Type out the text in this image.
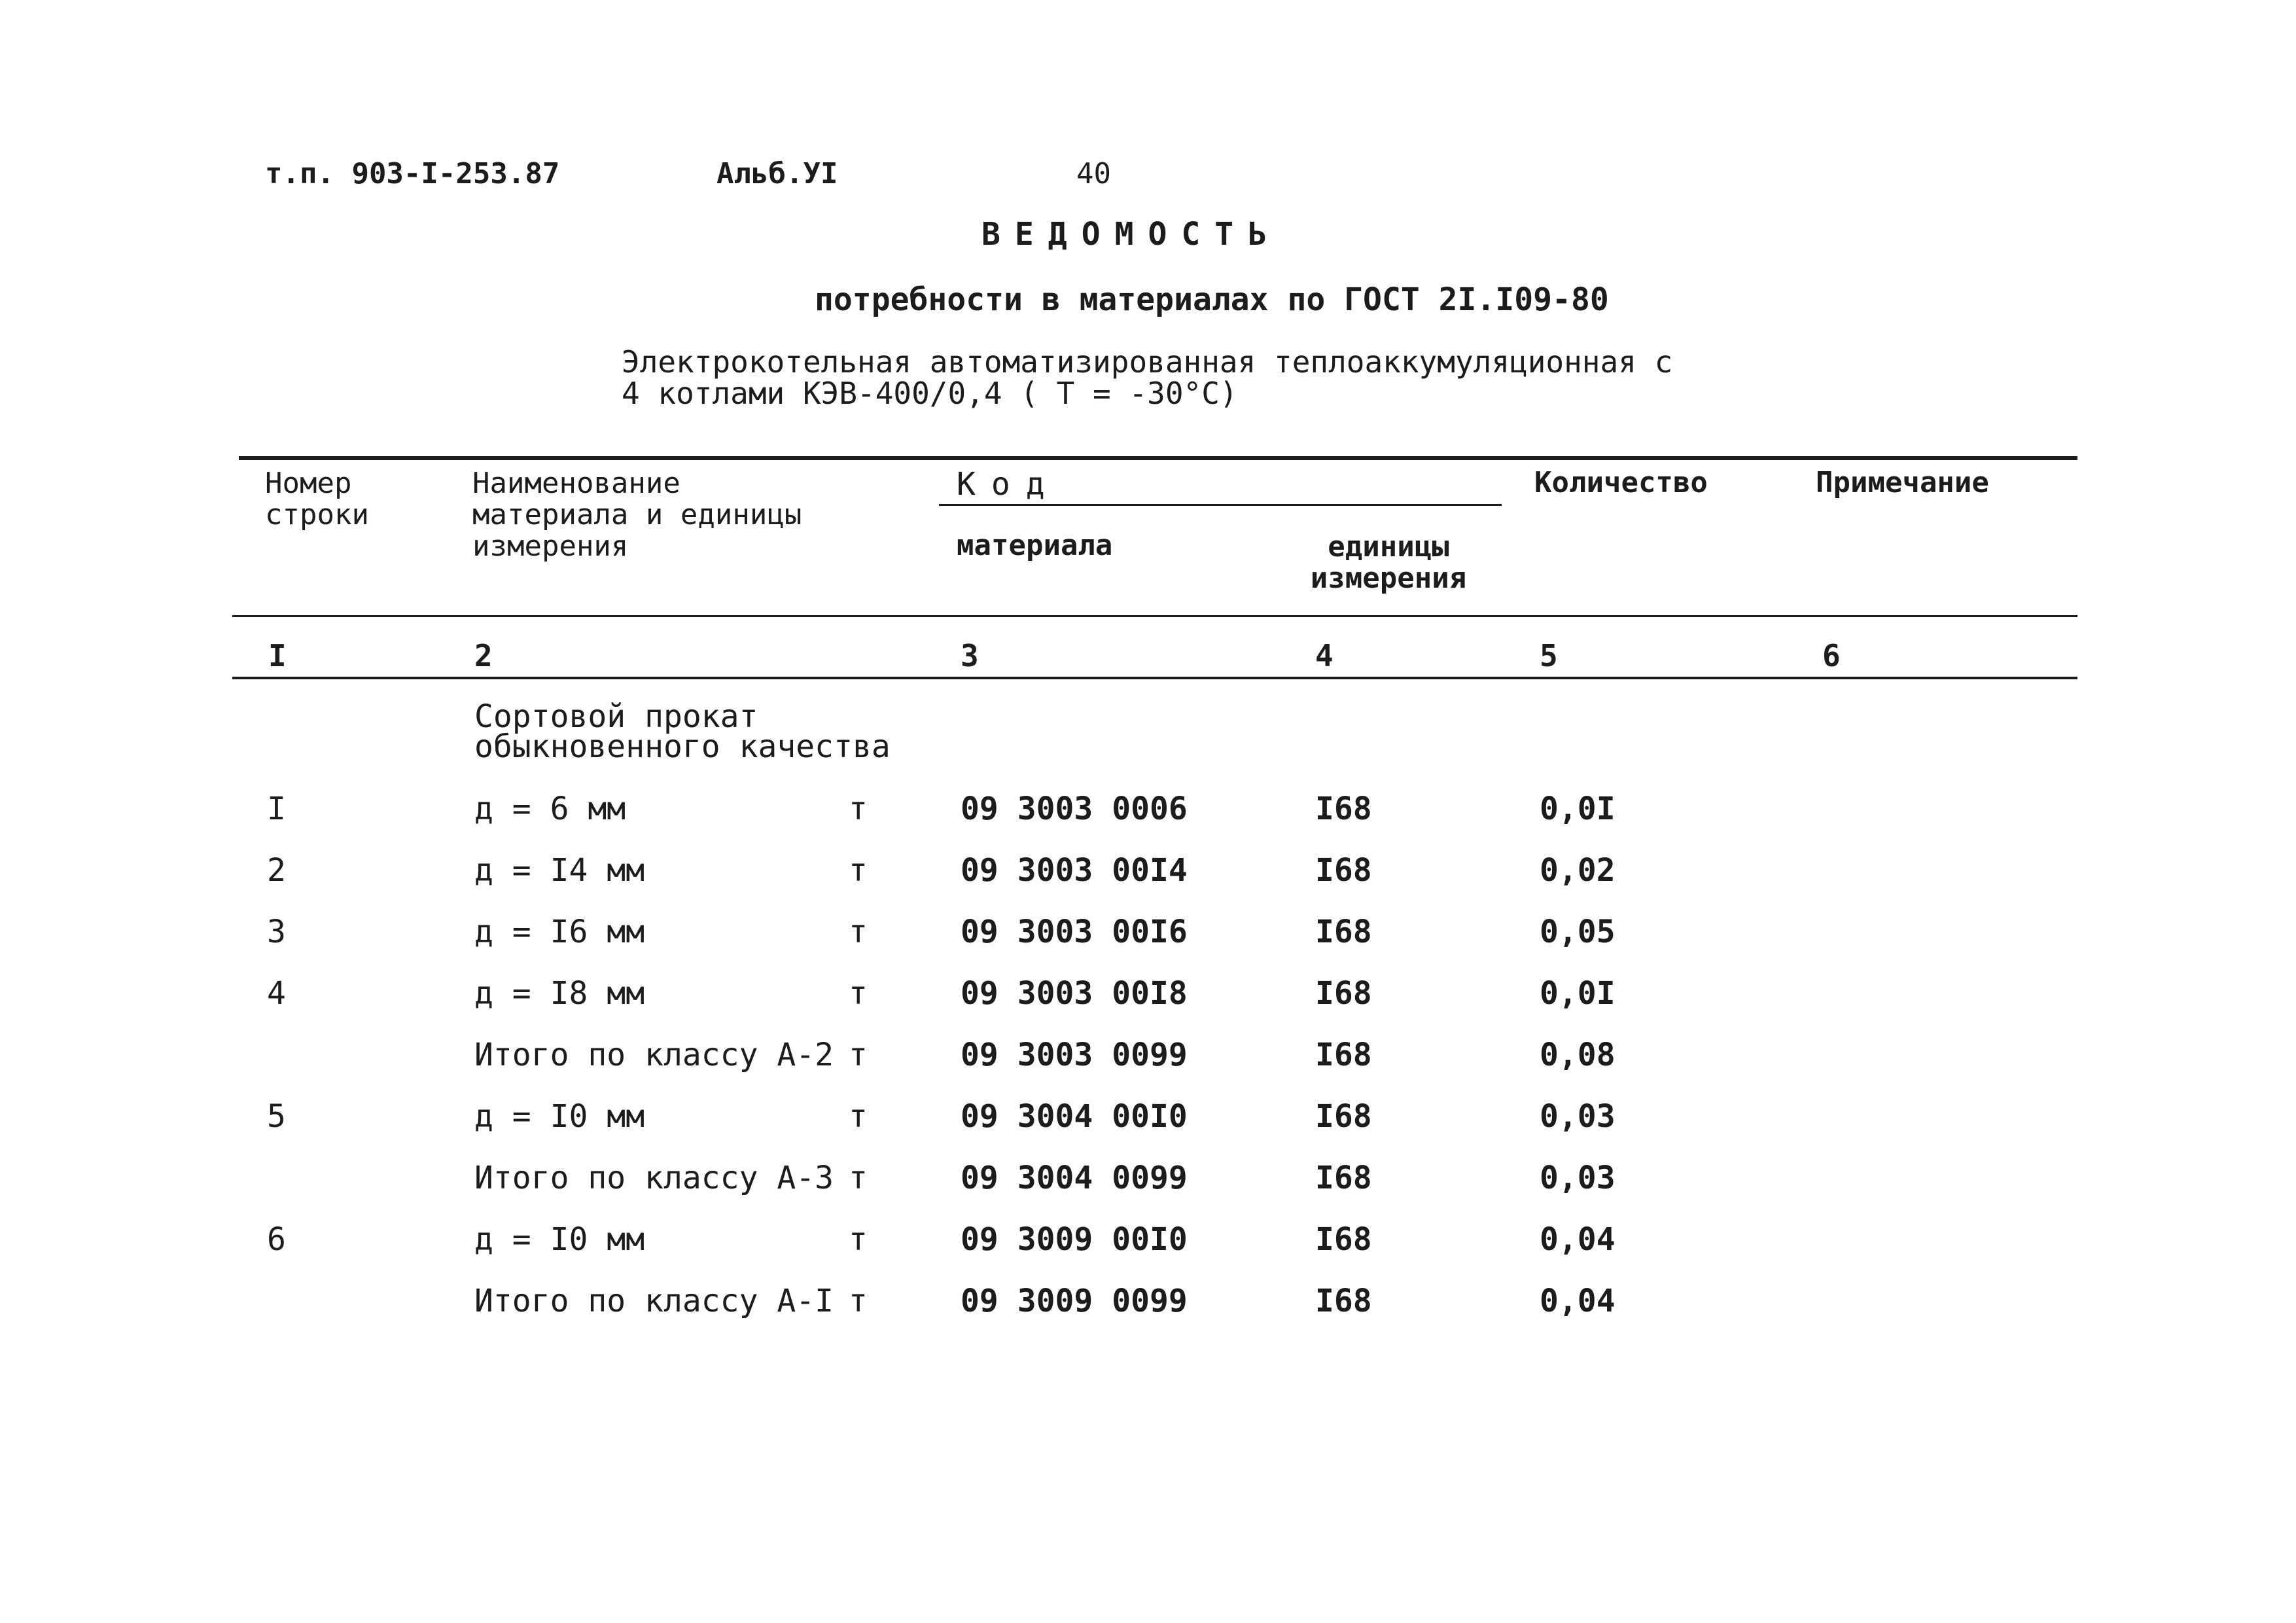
т.п. 903-I-253.87	Альб.УI	40
ВЕДОМОСТЬ
потребности в материалах по ГОСТ 2I.I09-80
Электрокотельная автоматизированная теплоаккумуляционная с
4 котлами КЭВ-400/0,4 ( T = -30°C)
Номер строки
Наименование материала и единицы измерения
Код
материала	единицы измерения
Количество	Примечание
I	2	3	4	5	6
Сортовой прокат обыкновенного качества
I	д = 6 мм	т	09 3003 0006	I68	0,0I
2	д = I4 мм	т	09 3003 00I4	I68	0,02
3	д = I6 мм	т	09 3003 00I6	I68	0,05
4	д = I8 мм	т	09 3003 00I8	I68	0,0I
Итого по классу А-2 т	09 3003 0099	I68	0,08
5	д = I0 мм	т	09 3004 00I0	I68	0,03
Итого по классу А-3 т	09 3004 0099	I68	0,03
6	д = I0 мм	т	09 3009 00I0	I68	0,04
Итого по классу А-I т	09 3009 0099	I68	0,04
